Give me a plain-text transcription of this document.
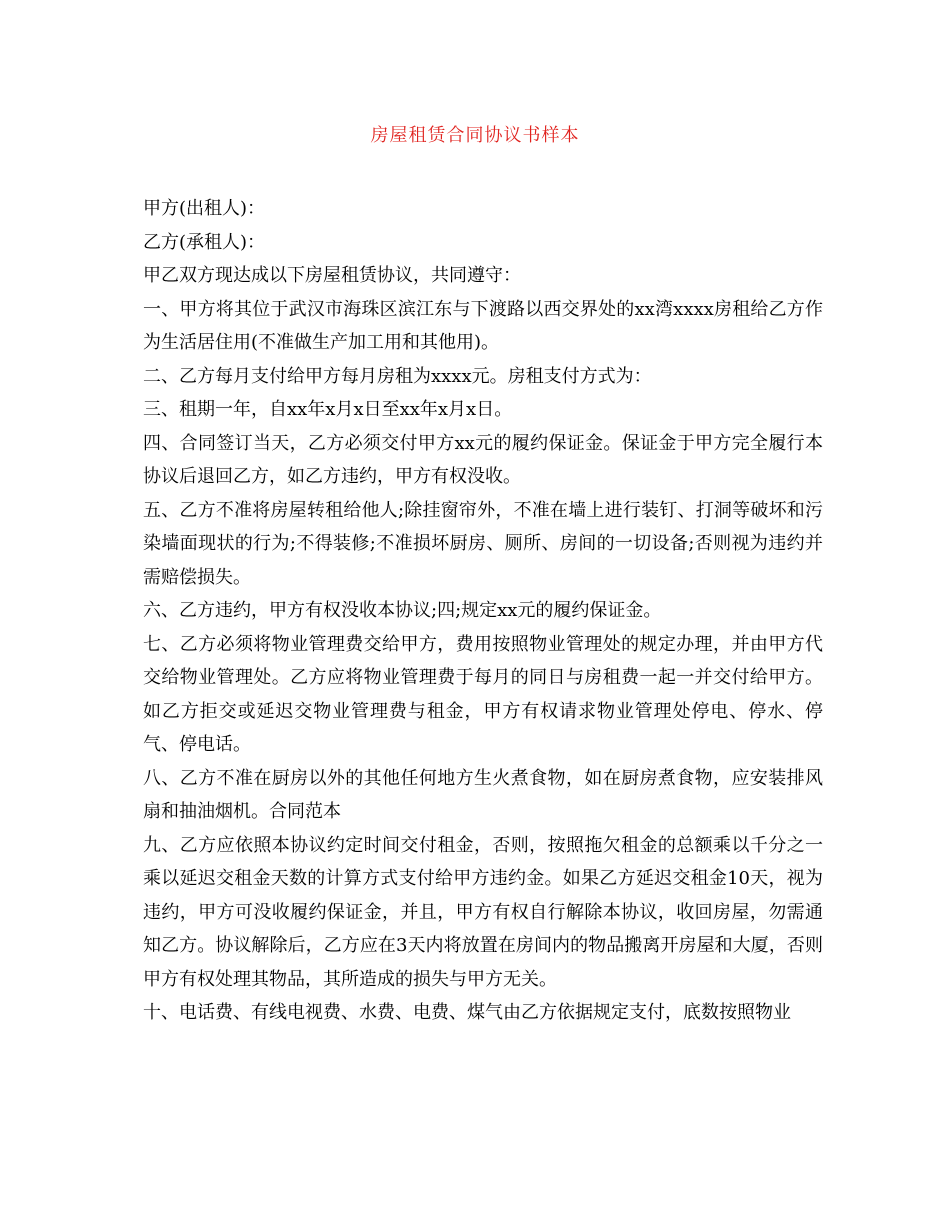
房屋租赁合同协议书样本

甲方(出租人)：

乙方(承租人)：

甲乙双方现达成以下房屋租赁协议，共同遵守：

一、甲方将其位于武汉市海珠区滨江东与下渡路以西交界处的xx湾xxxx房租给乙方作为生活居住用(不准做生产加工用和其他用)。

二、乙方每月支付给甲方每月房租为xxxx元。房租支付方式为：

三、租期一年，自xx年x月x日至xx年x月x日。

四、合同签订当天，乙方必须交付甲方xx元的履约保证金。保证金于甲方完全履行本协议后退回乙方，如乙方违约，甲方有权没收。

五、乙方不准将房屋转租给他人;除挂窗帘外，不准在墙上进行装钉、打洞等破坏和污染墙面现状的行为;不得装修;不准损坏厨房、厕所、房间的一切设备;否则视为违约并需赔偿损失。

六、乙方违约，甲方有权没收本协议;四;规定xx元的履约保证金。

七、乙方必须将物业管理费交给甲方，费用按照物业管理处的规定办理，并由甲方代交给物业管理处。乙方应将物业管理费于每月的同日与房租费一起一并交付给甲方。如乙方拒交或延迟交物业管理费与租金，甲方有权请求物业管理处停电、停水、停气、停电话。

八、乙方不准在厨房以外的其他任何地方生火煮食物，如在厨房煮食物，应安装排风扇和抽油烟机。合同范本

九、乙方应依照本协议约定时间交付租金，否则，按照拖欠租金的总额乘以千分之一乘以延迟交租金天数的计算方式支付给甲方违约金。如果乙方延迟交租金10天，视为违约，甲方可没收履约保证金，并且，甲方有权自行解除本协议，收回房屋，勿需通知乙方。协议解除后，乙方应在3天内将放置在房间内的物品搬离开房屋和大厦，否则甲方有权处理其物品，其所造成的损失与甲方无关。

十、电话费、有线电视费、水费、电费、煤气由乙方依据规定支付，底数按照物业
